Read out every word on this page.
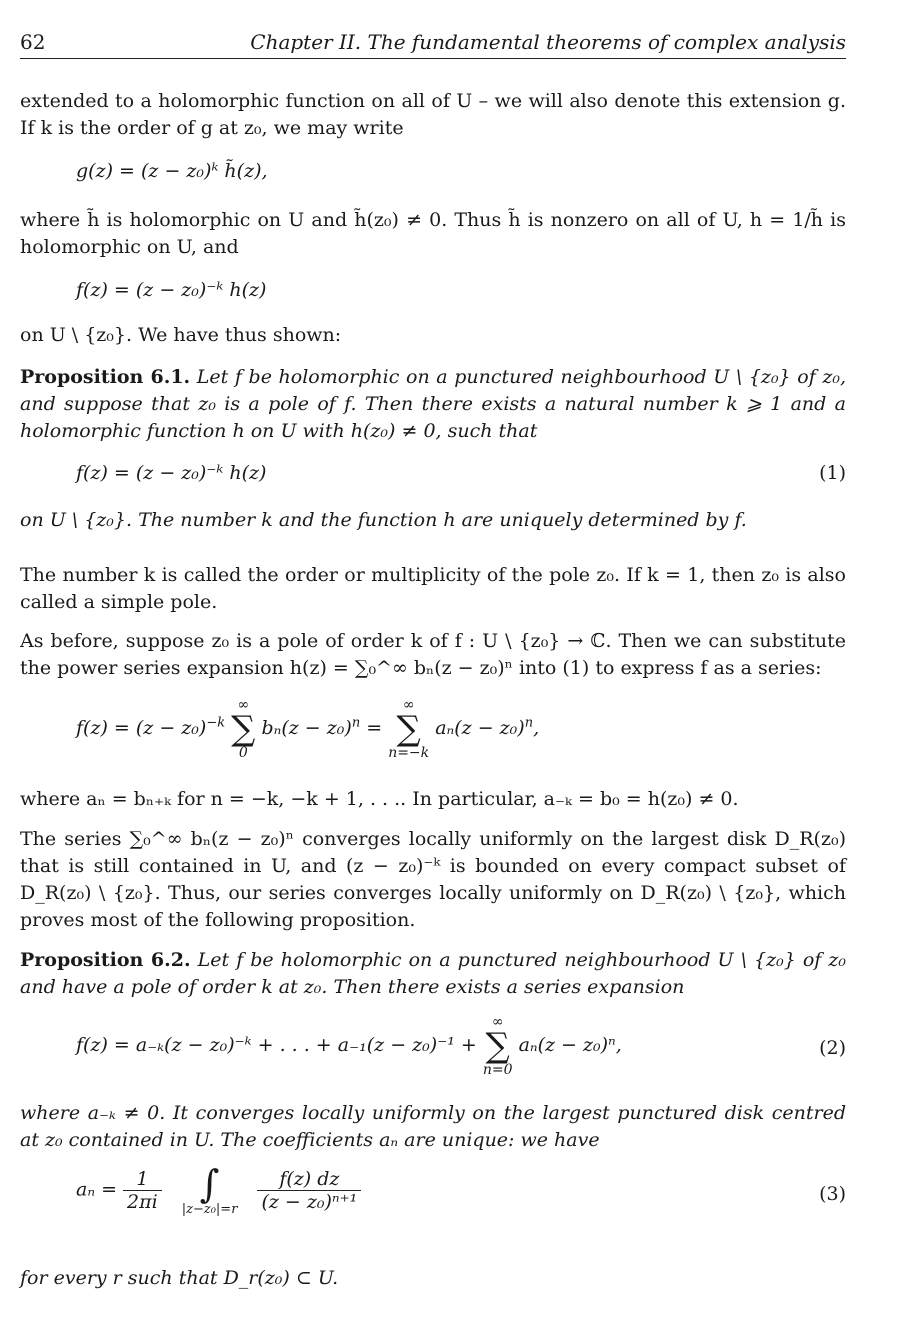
62	Chapter II. The fundamental theorems of complex analysis
extended to a holomorphic function on all of U – we will also denote this extension g. If k is the order of g at z₀, we may write
g(z) = (z − z₀)ᵏ h̃(z),
where h̃ is holomorphic on U and h̃(z₀) ≠ 0. Thus h̃ is nonzero on all of U, h = 1/h̃ is holomorphic on U, and
f(z) = (z − z₀)⁻ᵏ h(z)
on U \ {z₀}. We have thus shown:
Proposition 6.1. Let f be holomorphic on a punctured neighbourhood U \ {z₀} of z₀, and suppose that z₀ is a pole of f. Then there exists a natural number k ⩾ 1 and a holomorphic function h on U with h(z₀) ≠ 0, such that
f(z) = (z − z₀)⁻ᵏ h(z)	(1)
on U \ {z₀}. The number k and the function h are uniquely determined by f.
The number k is called the order or multiplicity of the pole z₀. If k = 1, then z₀ is also called a simple pole.
As before, suppose z₀ is a pole of order k of f : U \ {z₀} → ℂ. Then we can substitute the power series expansion h(z) = ∑₀^∞ bₙ(z − z₀)ⁿ into (1) to express f as a series:
$f(z) = (z - z_0)^{-k}$
∞
∑
0
$b_n(z - z_0)^n$ =
∞
∑
n=−k
$a_n(z - z_0)^n$,
where aₙ = bₙ₊ₖ for n = −k, −k + 1, . . .. In particular, a₋ₖ = b₀ = h(z₀) ≠ 0.
The series ∑₀^∞ bₙ(z − z₀)ⁿ converges locally uniformly on the largest disk D_R(z₀) that is still contained in U, and (z − z₀)⁻ᵏ is bounded on every compact subset of D_R(z₀) \ {z₀}. Thus, our series converges locally uniformly on D_R(z₀) \ {z₀}, which proves most of the following proposition.
Proposition 6.2. Let f be holomorphic on a punctured neighbourhood U \ {z₀} of z₀ and have a pole of order k at z₀. Then there exists a series expansion
f(z) = a₋ₖ(z − z₀)⁻ᵏ + . . . + a₋₁(z − z₀)⁻¹ +
∞
∑
n=0
aₙ(z − z₀)ⁿ,	(2)
where a₋ₖ ≠ 0. It converges locally uniformly on the largest punctured disk centred at z₀ contained in U. The coefficients aₙ are unique: we have
$a_n = \frac{1}{2\pi i}$
∫
|z−z₀|=r
$\frac{f(z) dz}{\text{(z − z₀)ⁿ⁺¹}}$	(3)
for every r such that D_r(z₀) ⊂ U.
